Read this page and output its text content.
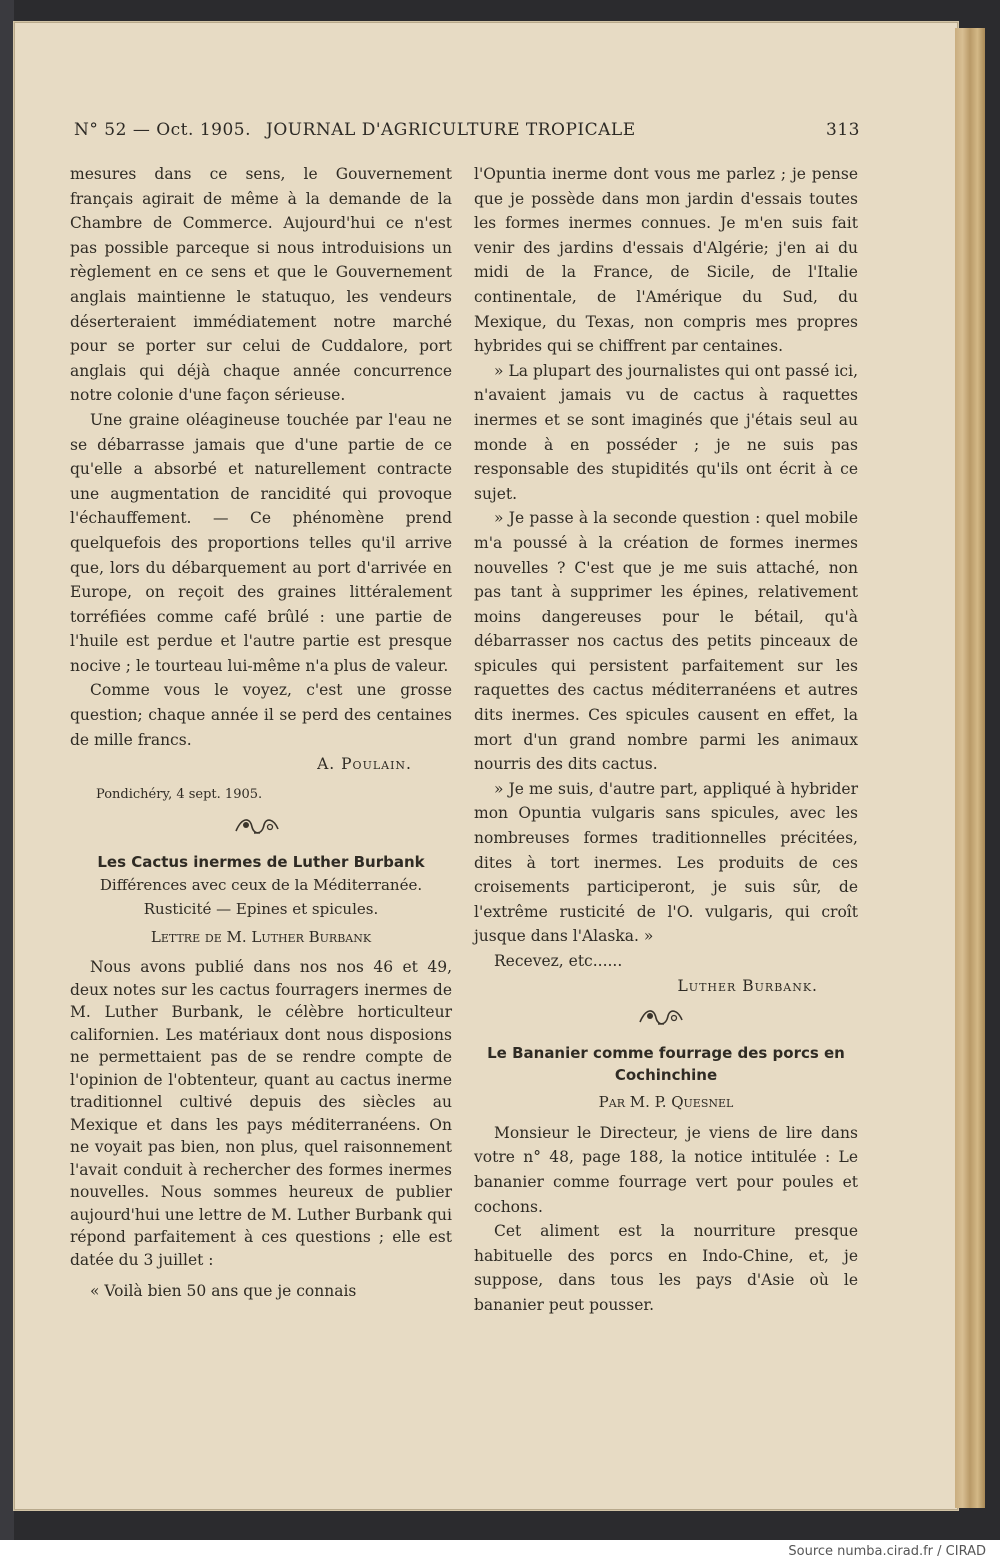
N° 52 — Oct. 1905. JOURNAL D'AGRICULTURE TROPICALE	313

mesures dans ce sens, le Gouvernement français agirait de même à la demande de la Chambre de Commerce. Aujourd'hui ce n'est pas possible parceque si nous introduisions un règlement en ce sens et que le Gouvernement anglais maintienne le statuquo, les vendeurs déserteraient immédiatement notre marché pour se porter sur celui de Cuddalore, port anglais qui déjà chaque année concurrence notre colonie d'une façon sérieuse.

Une graine oléagineuse touchée par l'eau ne se débarrasse jamais que d'une partie de ce qu'elle a absorbé et naturellement contracte une augmentation de rancidité qui provoque l'échauffement. — Ce phénomène prend quelquefois des proportions telles qu'il arrive que, lors du débarquement au port d'arrivée en Europe, on reçoit des graines littéralement torréfiées comme café brûlé : une partie de l'huile est perdue et l'autre partie est presque nocive ; le tourteau lui-même n'a plus de valeur.

Comme vous le voyez, c'est une grosse question; chaque année il se perd des centaines de mille francs.

A. Poulain.

Pondichéry, 4 sept. 1905.

Les Cactus inermes de Luther Burbank

Différences avec ceux de la Méditerranée.

Rusticité — Epines et spicules.

Lettre de M. Luther Burbank

Nous avons publié dans nos nos 46 et 49, deux notes sur les cactus fourragers inermes de M. Luther Burbank, le célèbre horticulteur californien. Les matériaux dont nous disposions ne permettaient pas de se rendre compte de l'opinion de l'obtenteur, quant au cactus inerme traditionnel cultivé depuis des siècles au Mexique et dans les pays méditerranéens. On ne voyait pas bien, non plus, quel raisonnement l'avait conduit à rechercher des formes inermes nouvelles. Nous sommes heureux de publier aujourd'hui une lettre de M. Luther Burbank qui répond parfaitement à ces questions ; elle est datée du 3 juillet :

« Voilà bien 50 ans que je connais

l'Opuntia inerme dont vous me parlez ; je pense que je possède dans mon jardin d'essais toutes les formes inermes connues. Je m'en suis fait venir des jardins d'essais d'Algérie; j'en ai du midi de la France, de Sicile, de l'Italie continentale, de l'Amérique du Sud, du Mexique, du Texas, non compris mes propres hybrides qui se chiffrent par centaines.

» La plupart des journalistes qui ont passé ici, n'avaient jamais vu de cactus à raquettes inermes et se sont imaginés que j'étais seul au monde à en posséder ; je ne suis pas responsable des stupidités qu'ils ont écrit à ce sujet.

» Je passe à la seconde question : quel mobile m'a poussé à la création de formes inermes nouvelles ? C'est que je me suis attaché, non pas tant à supprimer les épines, relativement moins dangereuses pour le bétail, qu'à débarrasser nos cactus des petits pinceaux de spicules qui persistent parfaitement sur les raquettes des cactus méditerranéens et autres dits inermes. Ces spicules causent en effet, la mort d'un grand nombre parmi les animaux nourris des dits cactus.

» Je me suis, d'autre part, appliqué à hybrider mon Opuntia vulgaris sans spicules, avec les nombreuses formes traditionnelles précitées, dites à tort inermes. Les produits de ces croisements participeront, je suis sûr, de l'extrême rusticité de l'O. vulgaris, qui croît jusque dans l'Alaska. »

Recevez, etc......

Luther Burbank.

Le Bananier comme fourrage des porcs en Cochinchine

Par M. P. Quesnel

Monsieur le Directeur, je viens de lire dans votre n° 48, page 188, la notice intitulée : Le bananier comme fourrage vert pour poules et cochons.

Cet aliment est la nourriture presque habituelle des porcs en Indo-Chine, et, je suppose, dans tous les pays d'Asie où le bananier peut pousser.

Source numba.cirad.fr / CIRAD
